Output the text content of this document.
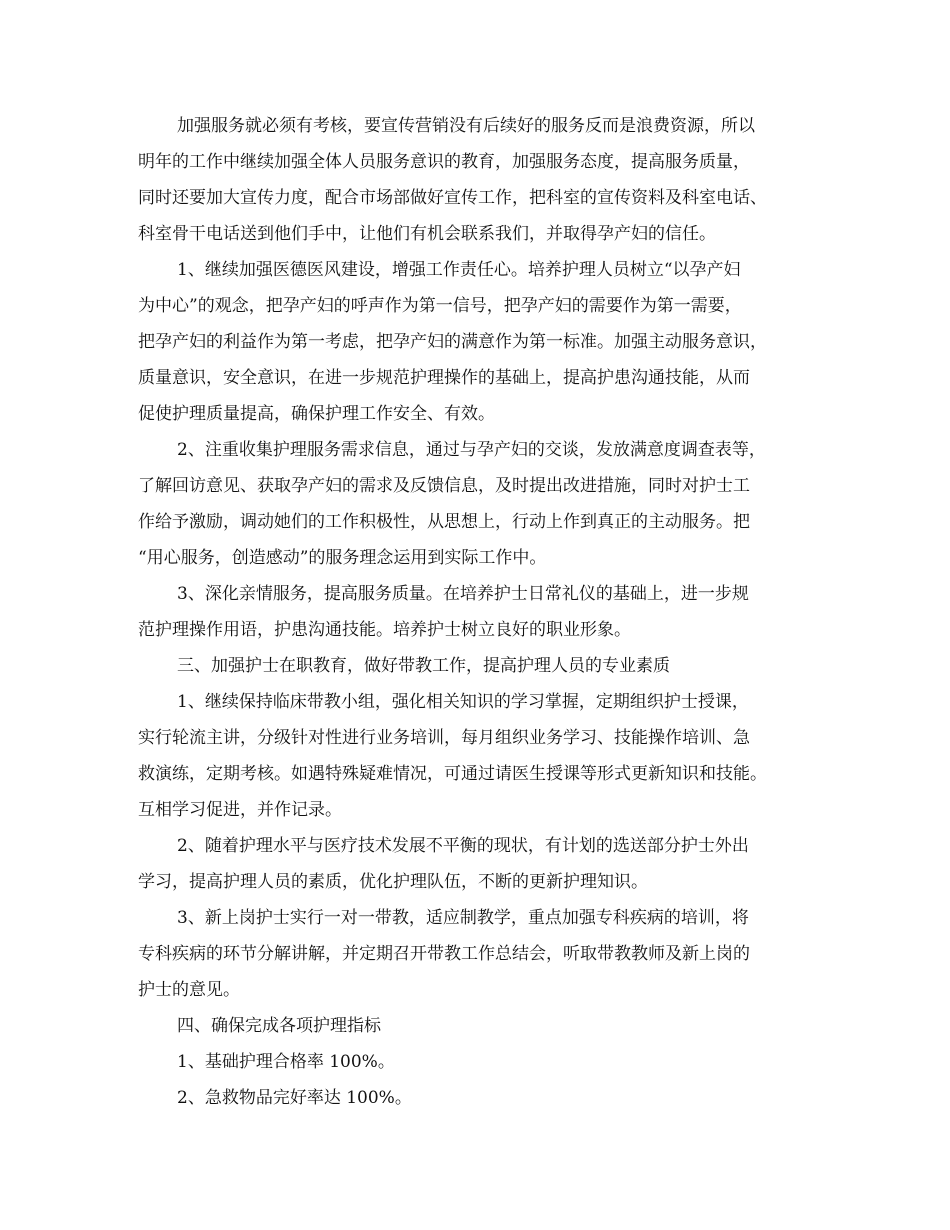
加强服务就必须有考核，要宣传营销没有后续好的服务反而是浪费资源，所以
明年的工作中继续加强全体人员服务意识的教育，加强服务态度，提高服务质量，
同时还要加大宣传力度，配合市场部做好宣传工作，把科室的宣传资料及科室电话、
科室骨干电话送到他们手中，让他们有机会联系我们，并取得孕产妇的信任。
1、继续加强医德医风建设，增强工作责任心。培养护理人员树立“以孕产妇
为中心”的观念，把孕产妇的呼声作为第一信号，把孕产妇的需要作为第一需要，
把孕产妇的利益作为第一考虑，把孕产妇的满意作为第一标准。加强主动服务意识，
质量意识，安全意识，在进一步规范护理操作的基础上，提高护患沟通技能，从而
促使护理质量提高，确保护理工作安全、有效。
2、注重收集护理服务需求信息，通过与孕产妇的交谈，发放满意度调查表等，
了解回访意见、获取孕产妇的需求及反馈信息，及时提出改进措施，同时对护士工
作给予激励，调动她们的工作积极性，从思想上，行动上作到真正的主动服务。把
“用心服务，创造感动”的服务理念运用到实际工作中。
3、深化亲情服务，提高服务质量。在培养护士日常礼仪的基础上，进一步规
范护理操作用语，护患沟通技能。培养护士树立良好的职业形象。
三、加强护士在职教育，做好带教工作，提高护理人员的专业素质
1、继续保持临床带教小组，强化相关知识的学习掌握，定期组织护士授课，
实行轮流主讲，分级针对性进行业务培训，每月组织业务学习、技能操作培训、急
救演练，定期考核。如遇特殊疑难情况，可通过请医生授课等形式更新知识和技能。
互相学习促进，并作记录。
2、随着护理水平与医疗技术发展不平衡的现状，有计划的选送部分护士外出
学习，提高护理人员的素质，优化护理队伍，不断的更新护理知识。
3、新上岗护士实行一对一带教，适应制教学，重点加强专科疾病的培训，将
专科疾病的环节分解讲解，并定期召开带教工作总结会，听取带教教师及新上岗的
护士的意见。
四、确保完成各项护理指标
1、基础护理合格率 100%。
2、急救物品完好率达 100%。
